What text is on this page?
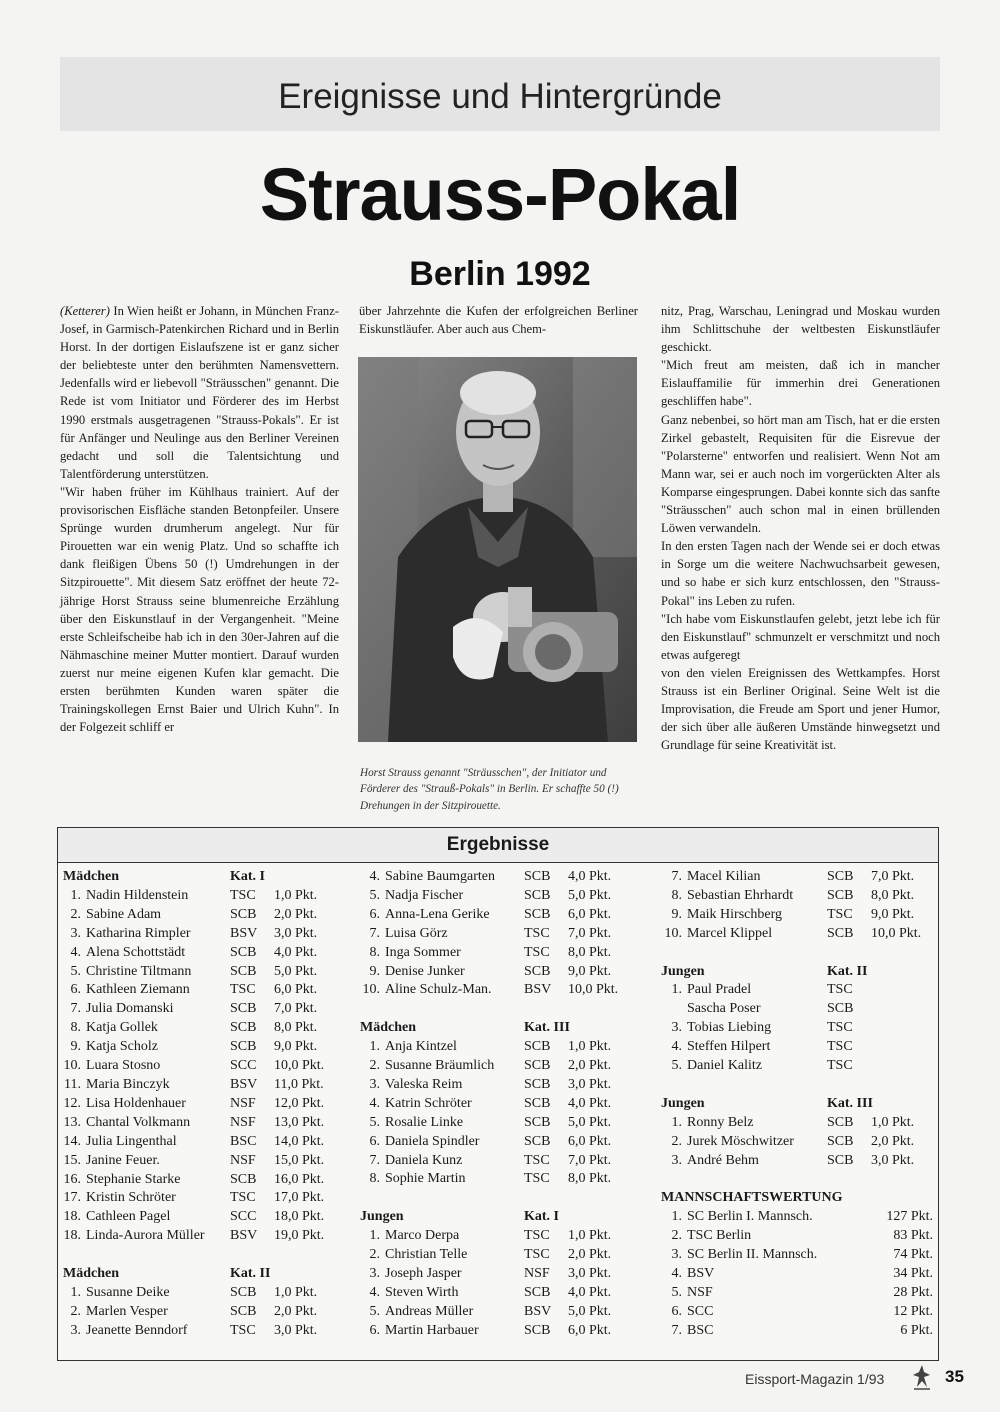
Ereignisse und Hintergründe
Strauss-Pokal
Berlin 1992

(Ketterer) In Wien heißt er Johann, in München Franz-Josef, in Garmisch-Patenkirchen Richard und in Berlin Horst. In der dortigen Eislaufszene ist er ganz sicher der beliebteste unter den berühmten Namensvettern. Jedenfalls wird er liebevoll "Sträusschen" genannt. Die Rede ist vom Initiator und Förderer des im Herbst 1990 erstmals ausgetragenen "Strauss-Pokals". Er ist für Anfänger und Neulinge aus den Berliner Vereinen gedacht und soll die Talentsichtung und Talentförderung unterstützen.

"Wir haben früher im Kühlhaus trainiert. Auf der provisorischen Eisfläche standen Betonpfeiler. Unsere Sprünge wurden drumherum angelegt. Nur für Pirouetten war ein wenig Platz. Und so schaffte ich dank fleißigen Übens 50 (!) Umdrehungen in der Sitzpirouette". Mit diesem Satz eröffnet der heute 72-jährige Horst Strauss seine blumenreiche Erzählung über den Eiskunstlauf in der Vergangenheit. "Meine erste Schleifscheibe hab ich in den 30er-Jahren auf die Nähmaschine meiner Mutter montiert. Darauf wurden zuerst nur meine eigenen Kufen klar gemacht. Die ersten berühmten Kunden waren später die Trainingskollegen Ernst Baier und Ulrich Kuhn". In der Folgezeit schliff er

über Jahrzehnte die Kufen der erfolgreichen Berliner Eiskunstläufer. Aber auch aus Chem-

Horst Strauss genannt "Sträusschen", der Initiator und Förderer des "Strauß-Pokals" in Berlin. Er schaffte 50 (!) Drehungen in der Sitzpirouette.

nitz, Prag, Warschau, Leningrad und Moskau wurden ihm Schlittschuhe der weltbesten Eiskunstläufer geschickt.

"Mich freut am meisten, daß ich in mancher Eislauffamilie für immerhin drei Generationen geschliffen habe".

Ganz nebenbei, so hört man am Tisch, hat er die ersten Zirkel gebastelt, Requisiten für die Eisrevue der "Polarsterne" entworfen und realisiert. Wenn Not am Mann war, sei er auch noch im vorgerückten Alter als Komparse eingesprungen. Dabei konnte sich das sanfte "Sträusschen" auch schon mal in einen brüllenden Löwen verwandeln.

In den ersten Tagen nach der Wende sei er doch etwas in Sorge um die weitere Nachwuchsarbeit gewesen, und so habe er sich kurz entschlossen, den "Strauss-Pokal" ins Leben zu rufen.

"Ich habe vom Eiskunstlaufen gelebt, jetzt lebe ich für den Eiskunstlauf" schmunzelt er verschmitzt und noch etwas aufgeregt

von den vielen Ereignissen des Wettkampfes. Horst Strauss ist ein Berliner Original. Seine Welt ist die Improvisation, die Freude am Sport und jener Humor, der sich über alle äußeren Umstände hinwegsetzt und Grundlage für seine Kreativität ist.

Ergebnisse
Mädchen		Kat. I	
1.	Nadin Hildenstein	TSC	1,0 Pkt.
2.	Sabine Adam	SCB	2,0 Pkt.
3.	Katharina Rimpler	BSV	3,0 Pkt.
4.	Alena Schottstädt	SCB	4,0 Pkt.
5.	Christine Tiltmann	SCB	5,0 Pkt.
6.	Kathleen Ziemann	TSC	6,0 Pkt.
7.	Julia Domanski	SCB	7,0 Pkt.
8.	Katja Gollek	SCB	8,0 Pkt.
9.	Katja Scholz	SCB	9,0 Pkt.
10.	Luara Stosno	SCC	10,0 Pkt.
11.	Maria Binczyk	BSV	11,0 Pkt.
12.	Lisa Holdenhauer	NSF	12,0 Pkt.
13.	Chantal Volkmann	NSF	13,0 Pkt.
14.	Julia Lingenthal	BSC	14,0 Pkt.
15.	Janine Feuer.	NSF	15,0 Pkt.
16.	Stephanie Starke	SCB	16,0 Pkt.
17.	Kristin Schröter	TSC	17,0 Pkt.
18.	Cathleen Pagel	SCC	18,0 Pkt.
18.	Linda-Aurora Müller	BSV	19,0 Pkt.

Mädchen		Kat. II	
1.	Susanne Deike	SCB	1,0 Pkt.
2.	Marlen Vesper	SCB	2,0 Pkt.
3.	Jeanette Benndorf	TSC	3,0 Pkt.
4.	Sabine Baumgarten	SCB	4,0 Pkt.
5.	Nadja Fischer	SCB	5,0 Pkt.
6.	Anna-Lena Gerike	SCB	6,0 Pkt.
7.	Luisa Görz	TSC	7,0 Pkt.
8.	Inga Sommer	TSC	8,0 Pkt.
9.	Denise Junker	SCB	9,0 Pkt.
10.	Aline Schulz-Man.	BSV	10,0 Pkt.

Mädchen		Kat. III	
1.	Anja Kintzel	SCB	1,0 Pkt.
2.	Susanne Bräumlich	SCB	2,0 Pkt.
3.	Valeska Reim	SCB	3,0 Pkt.
4.	Katrin Schröter	SCB	4,0 Pkt.
5.	Rosalie Linke	SCB	5,0 Pkt.
6.	Daniela Spindler	SCB	6,0 Pkt.
7.	Daniela Kunz	TSC	7,0 Pkt.
8.	Sophie Martin	TSC	8,0 Pkt.

Jungen		Kat. I	
1.	Marco Derpa	TSC	1,0 Pkt.
2.	Christian Telle	TSC	2,0 Pkt.
3.	Joseph Jasper	NSF	3,0 Pkt.
4.	Steven Wirth	SCB	4,0 Pkt.
5.	Andreas Müller	BSV	5,0 Pkt.
6.	Martin Harbauer	SCB	6,0 Pkt.
7.	Macel Kilian	SCB	7,0 Pkt.
8.	Sebastian Ehrhardt	SCB	8,0 Pkt.
9.	Maik Hirschberg	TSC	9,0 Pkt.
10.	Marcel Klippel	SCB	10,0 Pkt.

Jungen		Kat. II	
1.	Paul Pradel	TSC	
	Sascha Poser	SCB	
3.	Tobias Liebing	TSC	
4.	Steffen Hilpert	TSC	
5.	Daniel Kalitz	TSC	

Jungen		Kat. III	
1.	Ronny Belz	SCB	1,0 Pkt.
2.	Jurek Möschwitzer	SCB	2,0 Pkt.
3.	André Behm	SCB	3,0 Pkt.
MANNSCHAFTSWERTUNG
1.	SC Berlin I. Mannsch.	127 Pkt.
2.	TSC Berlin	83 Pkt.
3.	SC Berlin II. Mannsch.	74 Pkt.
4.	BSV	34 Pkt.
5.	NSF	28 Pkt.
6.	SCC	12 Pkt.
7.	BSC	6 Pkt.
Eissport-Magazin 1/93	35
